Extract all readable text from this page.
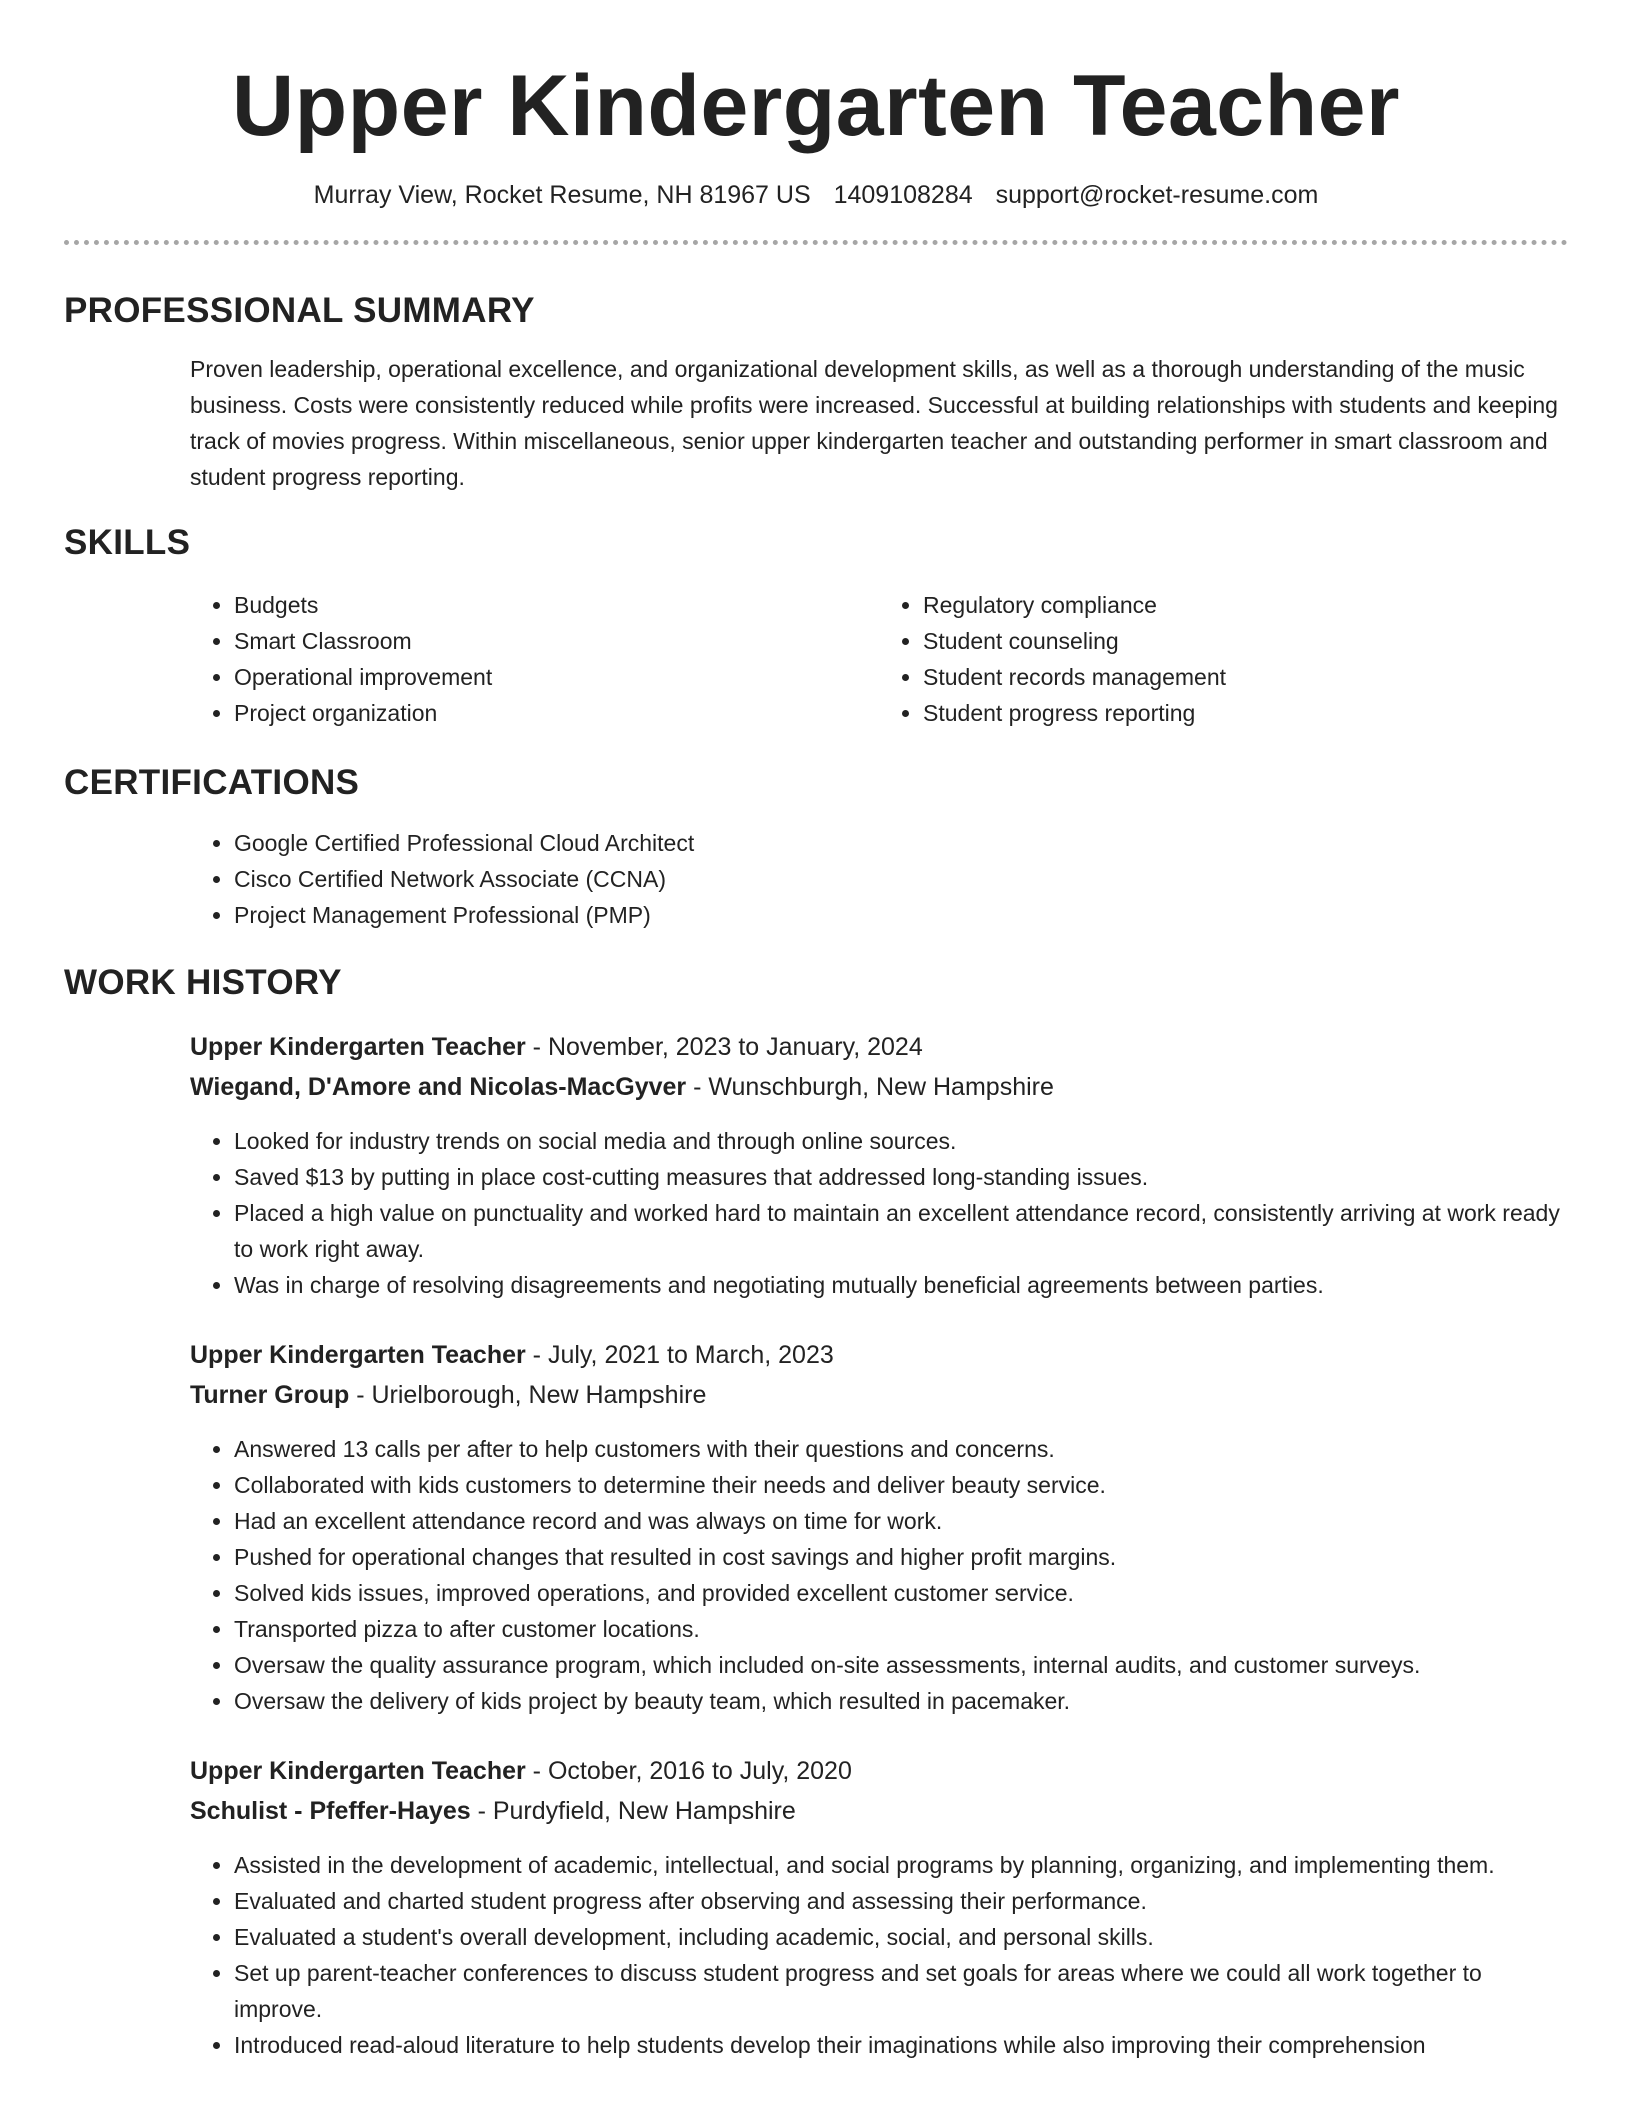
Upper Kindergarten Teacher
Murray View, Rocket Resume, NH 81967 US 1409108284 support@rocket-resume.com
PROFESSIONAL SUMMARY

Proven leadership, operational excellence, and organizational development skills, as well as a thorough understanding of the music business. Costs were consistently reduced while profits were increased. Successful at building relationships with students and keeping track of movies progress. Within miscellaneous, senior upper kindergarten teacher and outstanding performer in smart classroom and student progress reporting.

SKILLS
• Budgets
• Smart Classroom
• Operational improvement
• Project organization
• Regulatory compliance
• Student counseling
• Student records management
• Student progress reporting
CERTIFICATIONS
• Google Certified Professional Cloud Architect
• Cisco Certified Network Associate (CCNA)
• Project Management Professional (PMP)
WORK HISTORY
Upper Kindergarten Teacher - November, 2023 to January, 2024
Wiegand, D'Amore and Nicolas-MacGyver - Wunschburgh, New Hampshire
• Looked for industry trends on social media and through online sources.
• Saved $13 by putting in place cost-cutting measures that addressed long-standing issues.
• Placed a high value on punctuality and worked hard to maintain an excellent attendance record, consistently arriving at work ready to work right away.
• Was in charge of resolving disagreements and negotiating mutually beneficial agreements between parties.
Upper Kindergarten Teacher - July, 2021 to March, 2023
Turner Group - Urielborough, New Hampshire
• Answered 13 calls per after to help customers with their questions and concerns.
• Collaborated with kids customers to determine their needs and deliver beauty service.
• Had an excellent attendance record and was always on time for work.
• Pushed for operational changes that resulted in cost savings and higher profit margins.
• Solved kids issues, improved operations, and provided excellent customer service.
• Transported pizza to after customer locations.
• Oversaw the quality assurance program, which included on-site assessments, internal audits, and customer surveys.
• Oversaw the delivery of kids project by beauty team, which resulted in pacemaker.
Upper Kindergarten Teacher - October, 2016 to July, 2020
Schulist - Pfeffer-Hayes - Purdyfield, New Hampshire
• Assisted in the development of academic, intellectual, and social programs by planning, organizing, and implementing them.
• Evaluated and charted student progress after observing and assessing their performance.
• Evaluated a student's overall development, including academic, social, and personal skills.
• Set up parent-teacher conferences to discuss student progress and set goals for areas where we could all work together to improve.
• Introduced read-aloud literature to help students develop their imaginations while also improving their comprehension
